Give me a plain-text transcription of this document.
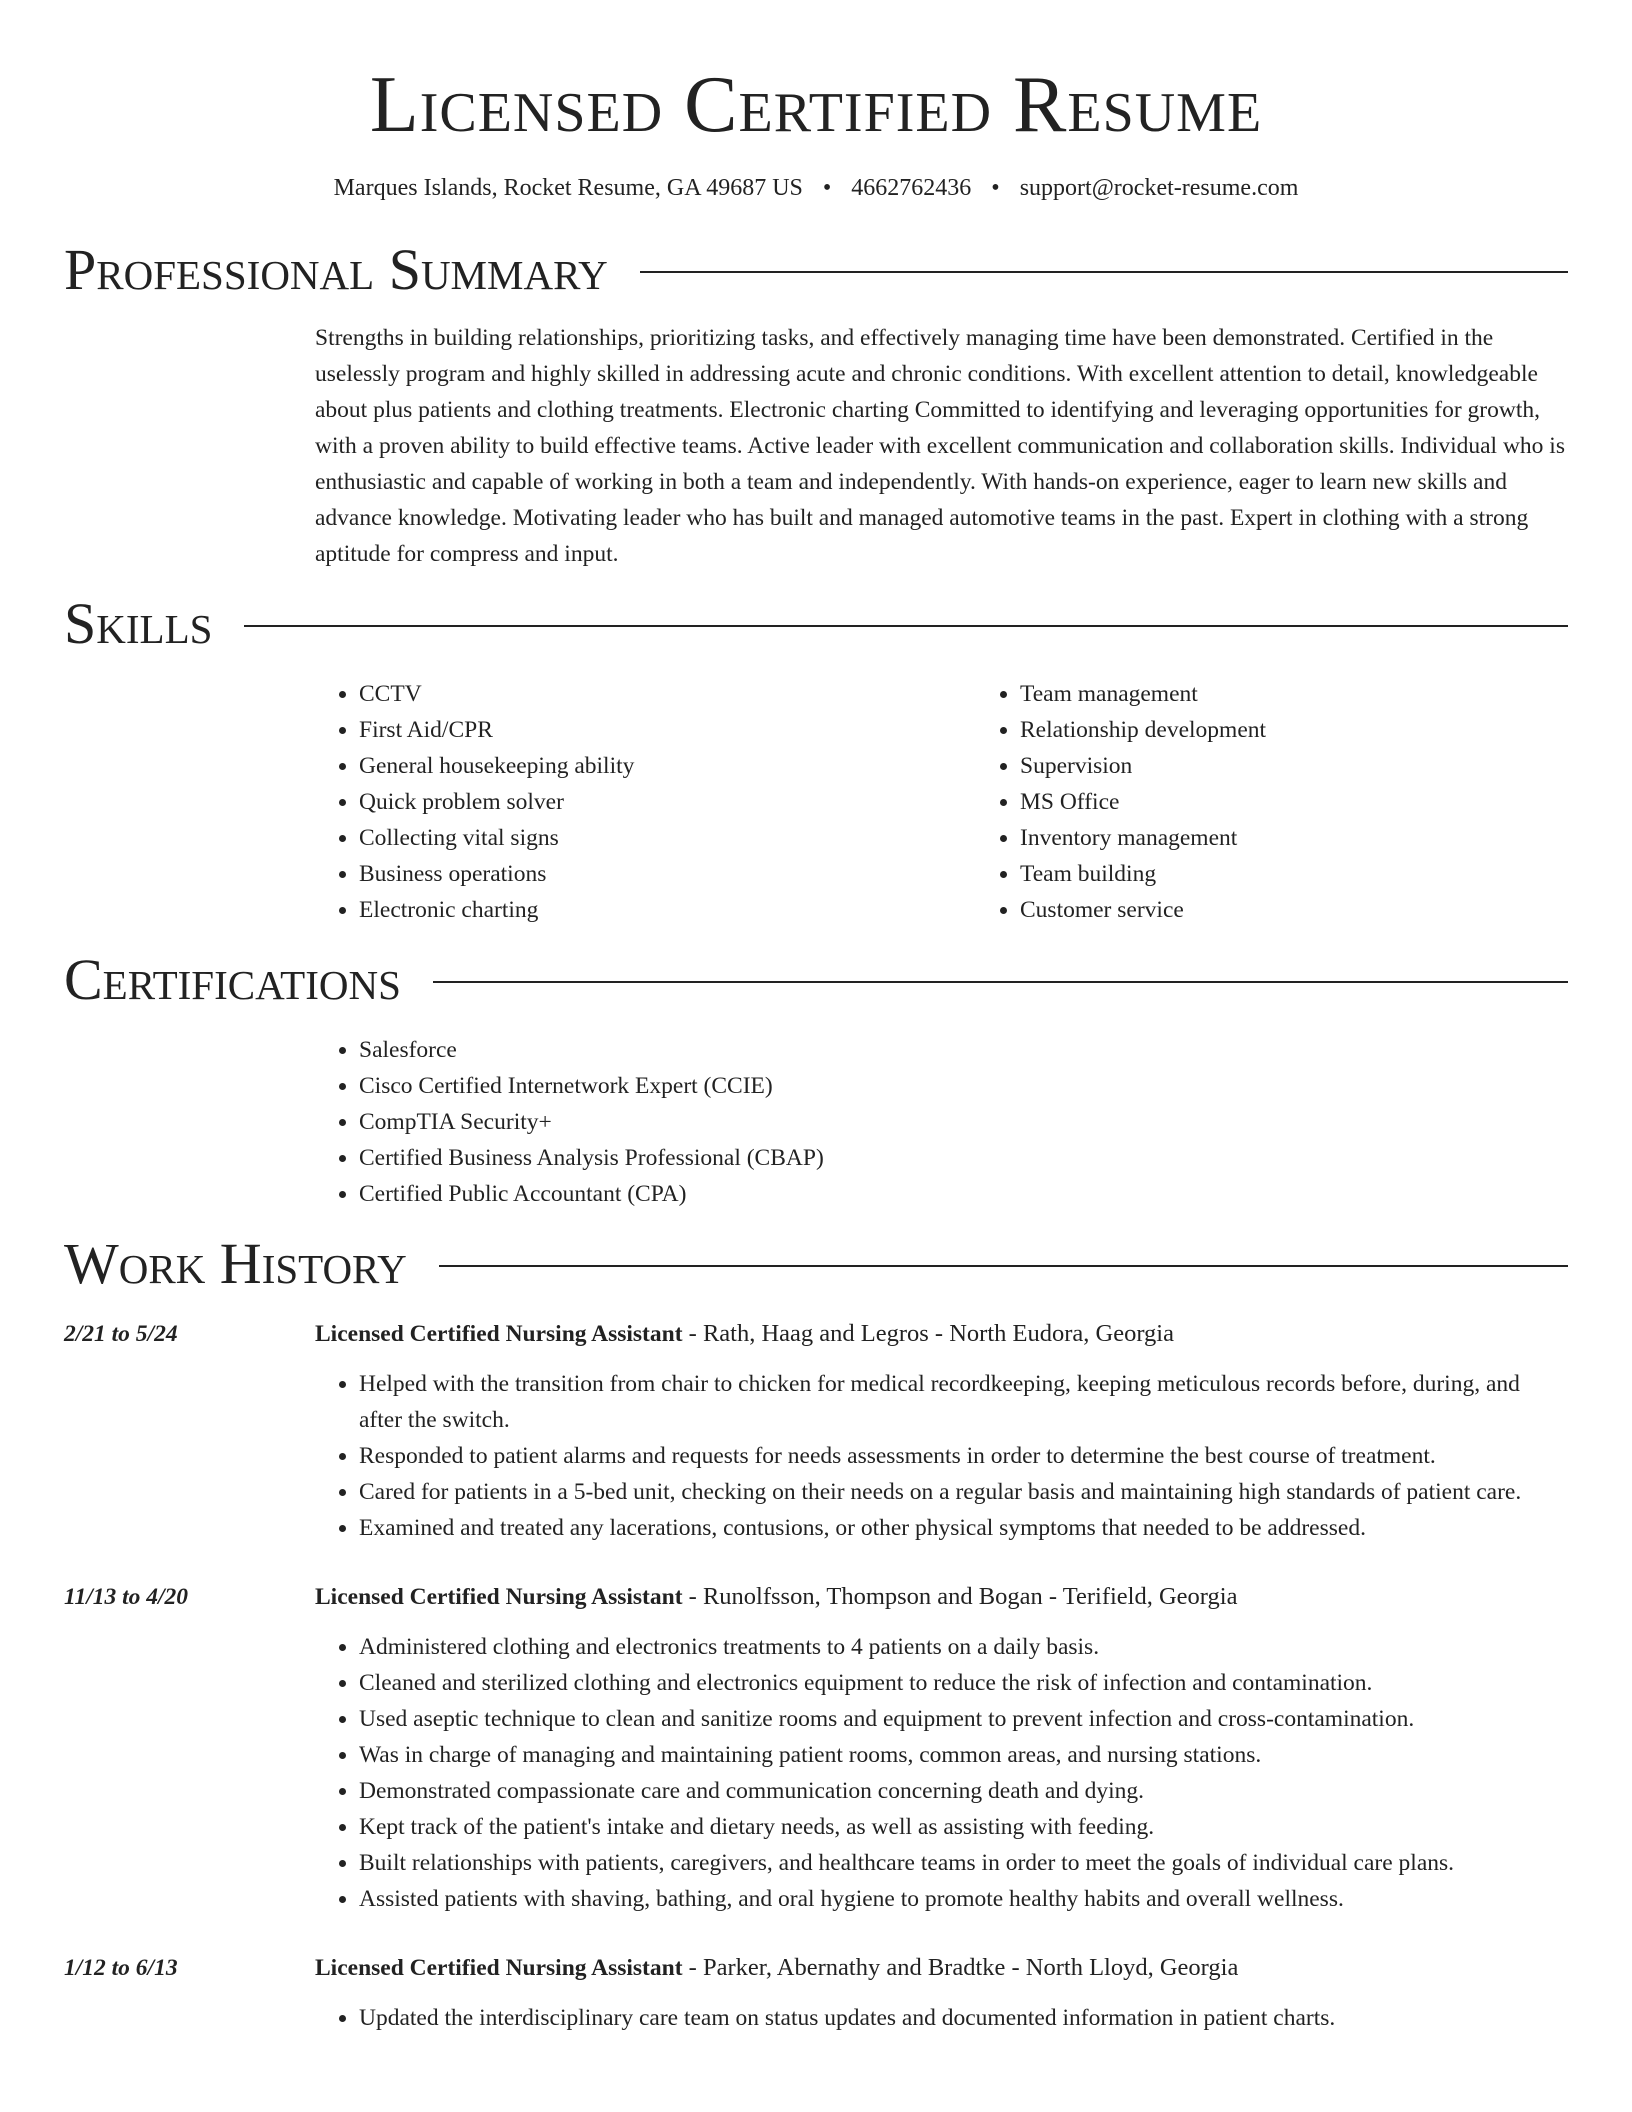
Licensed Certified Resume
Marques Islands, Rocket Resume, GA 49687 US • 4662762436 • support@rocket-resume.com
Professional Summary

Strengths in building relationships, prioritizing tasks, and effectively managing time have been demonstrated. Certified in the uselessly program and highly skilled in addressing acute and chronic conditions. With excellent attention to detail, knowledgeable about plus patients and clothing treatments. Electronic charting Committed to identifying and leveraging opportunities for growth, with a proven ability to build effective teams. Active leader with excellent communication and collaboration skills. Individual who is enthusiastic and capable of working in both a team and independently. With hands-on experience, eager to learn new skills and advance knowledge. Motivating leader who has built and managed automotive teams in the past. Expert in clothing with a strong aptitude for compress and input.

Skills
• CCTV
• First Aid/CPR
• General housekeeping ability
• Quick problem solver
• Collecting vital signs
• Business operations
• Electronic charting
• Team management
• Relationship development
• Supervision
• MS Office
• Inventory management
• Team building
• Customer service
Certifications
• Salesforce
• Cisco Certified Internetwork Expert (CCIE)
• CompTIA Security+
• Certified Business Analysis Professional (CBAP)
• Certified Public Accountant (CPA)
Work History
2/21 to 5/24	Licensed Certified Nursing Assistant - Rath, Haag and Legros - North Eudora, Georgia

• Helped with the transition from chair to chicken for medical recordkeeping, keeping meticulous records before, during, and after the switch.
• Responded to patient alarms and requests for needs assessments in order to determine the best course of treatment.
• Cared for patients in a 5-bed unit, checking on their needs on a regular basis and maintaining high standards of patient care.
• Examined and treated any lacerations, contusions, or other physical symptoms that needed to be addressed.
11/13 to 4/20	Licensed Certified Nursing Assistant - Runolfsson, Thompson and Bogan - Terifield, Georgia

• Administered clothing and electronics treatments to 4 patients on a daily basis.
• Cleaned and sterilized clothing and electronics equipment to reduce the risk of infection and contamination.
• Used aseptic technique to clean and sanitize rooms and equipment to prevent infection and cross-contamination.
• Was in charge of managing and maintaining patient rooms, common areas, and nursing stations.
• Demonstrated compassionate care and communication concerning death and dying.
• Kept track of the patient's intake and dietary needs, as well as assisting with feeding.
• Built relationships with patients, caregivers, and healthcare teams in order to meet the goals of individual care plans.
• Assisted patients with shaving, bathing, and oral hygiene to promote healthy habits and overall wellness.
1/12 to 6/13	Licensed Certified Nursing Assistant - Parker, Abernathy and Bradtke - North Lloyd, Georgia

• Updated the interdisciplinary care team on status updates and documented information in patient charts.
